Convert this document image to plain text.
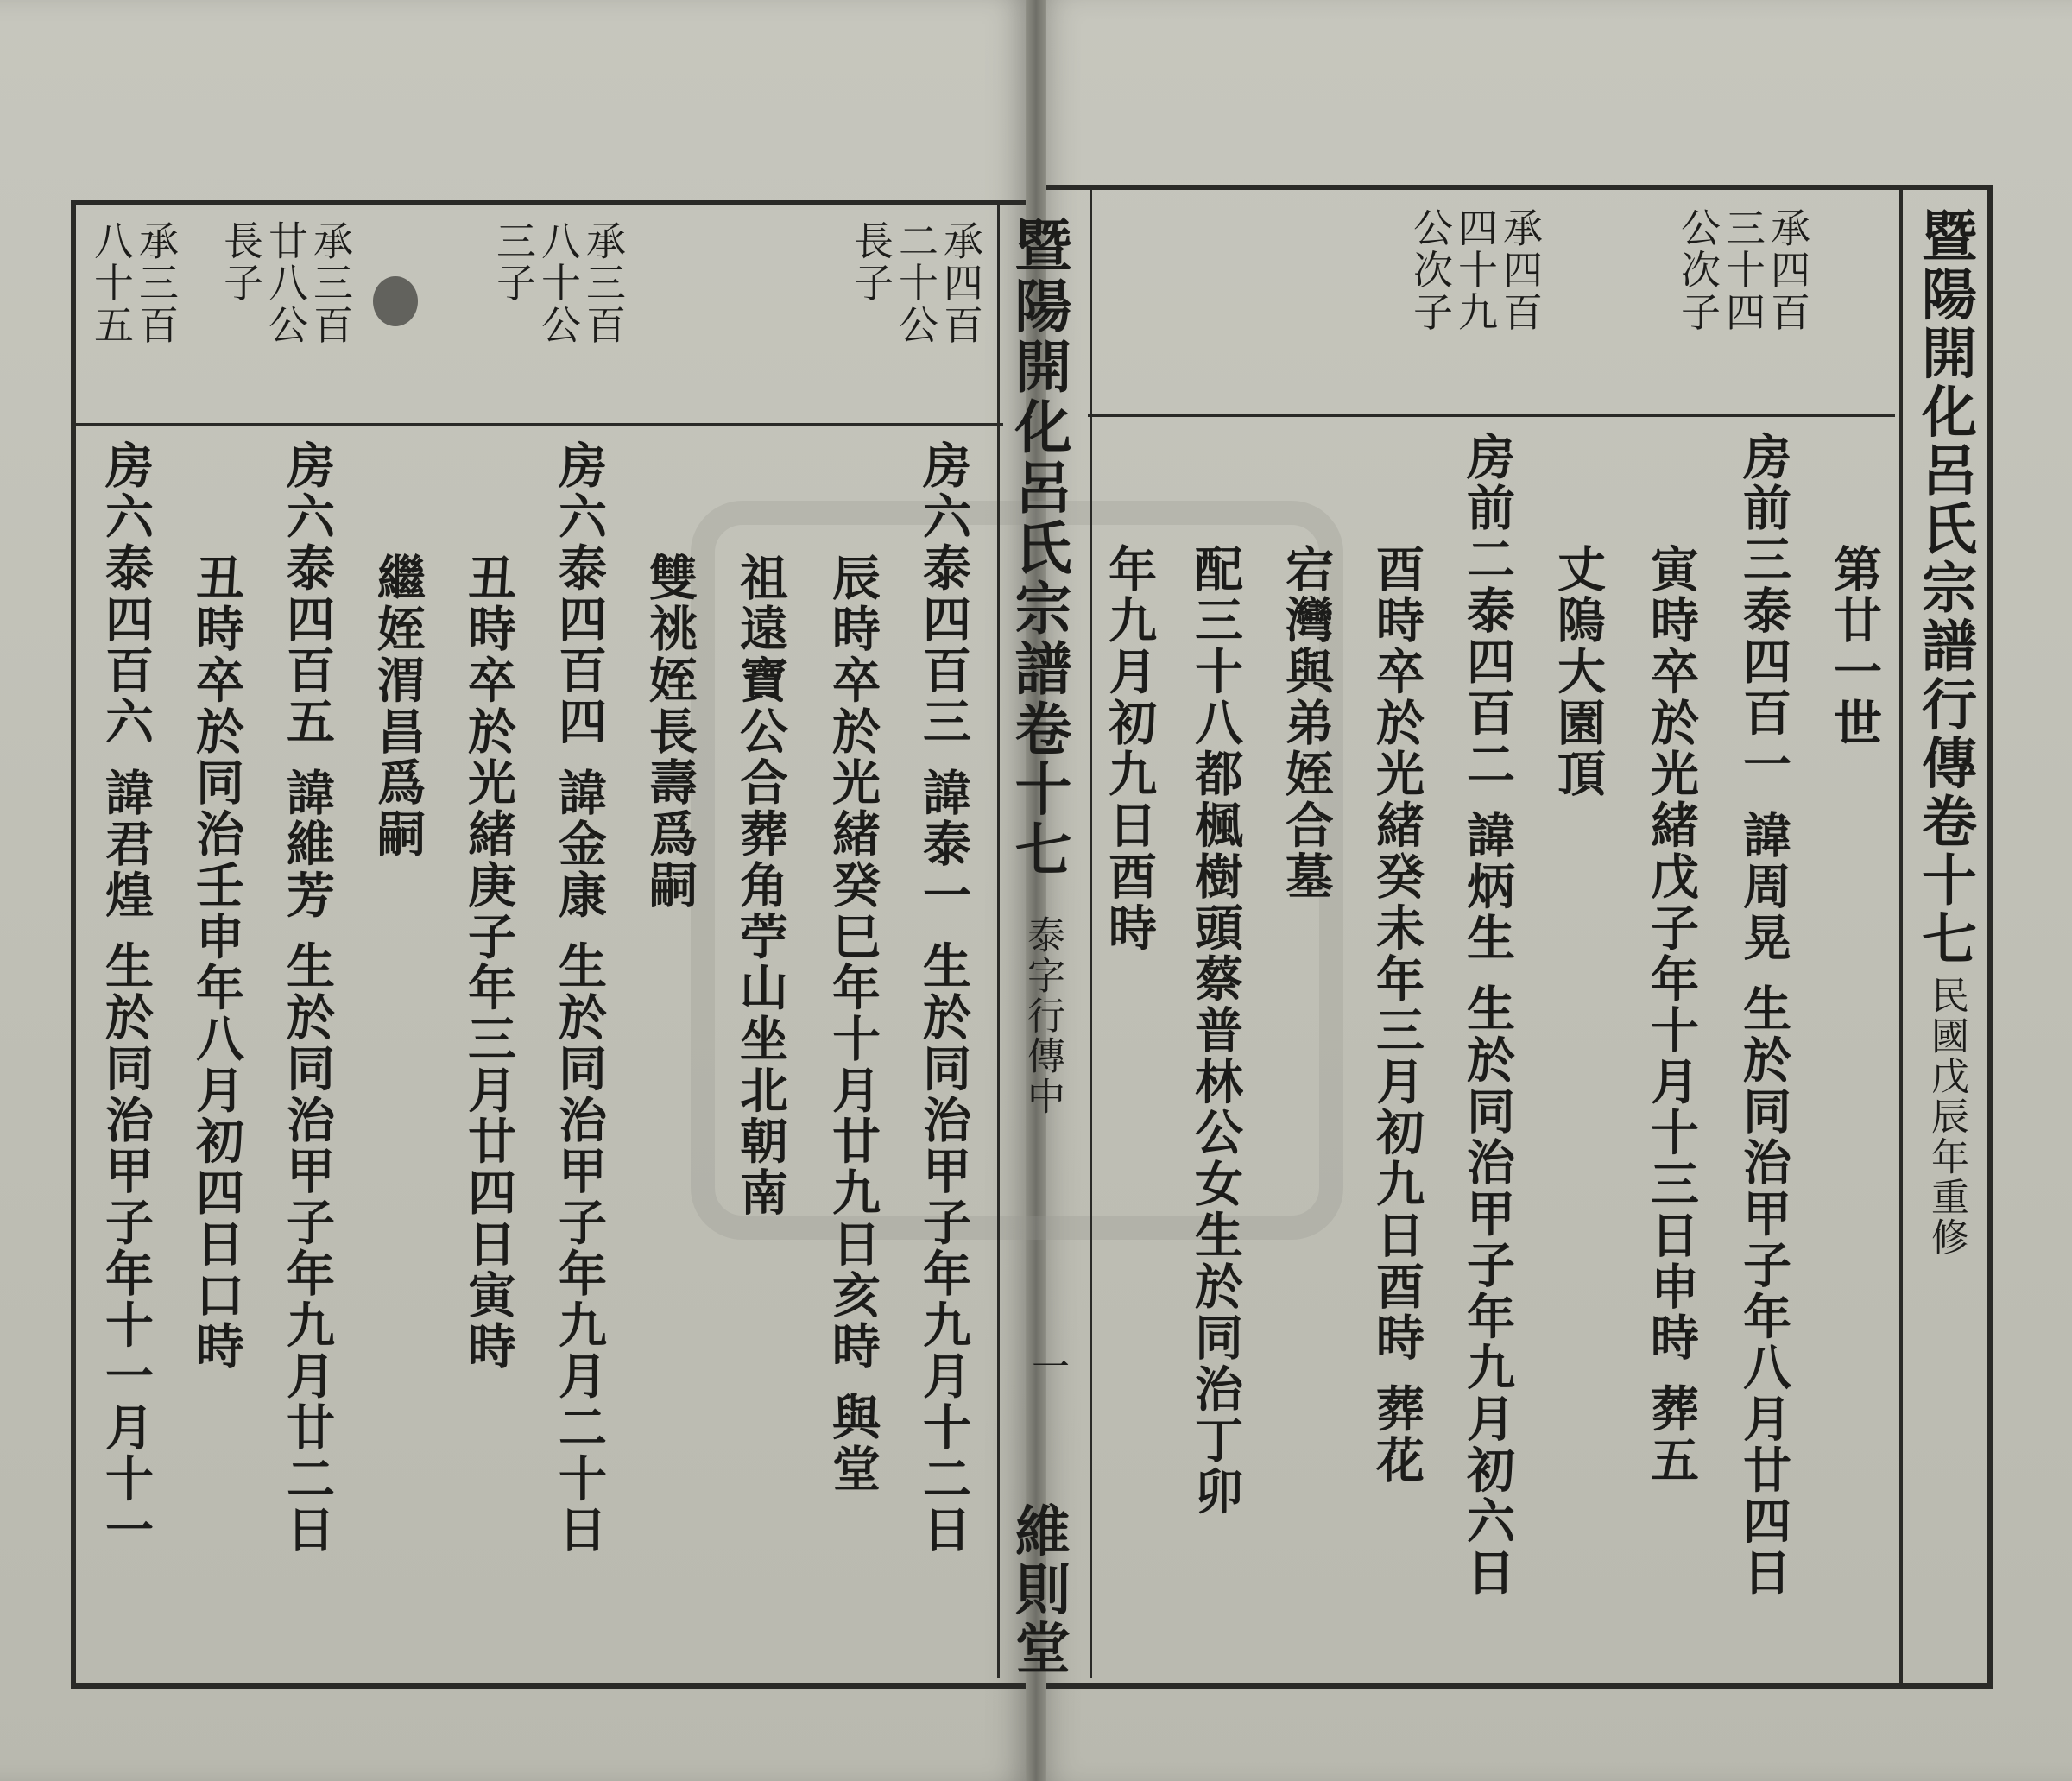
暨陽開化呂氏宗譜行傳卷十七
民國戊辰年重修
承四百
三十四
公次子
承四百
四十九
公次子
第廿一世
房前三泰四百一 諱周晃 生於同治甲子年八月廿四日
寅時卒於光緒戊子年十月十三日申時 葬五
丈隖大園頂
房前二泰四百二 諱炳生 生於同治甲子年九月初六日
酉時卒於光緒癸未年三月初九日酉時 葬花
宕灣與弟姪合墓
配三十八都楓樹頭蔡普林公女生於同治丁卯
年九月初九日酉時
暨陽開化呂氏宗譜卷十七
泰字行傳中
一
維則堂
承四百
二十公
長子
承三百
八十公
三子
承三百
廿八公
長子
承三百
八十五
房六泰四百三 諱泰一 生於同治甲子年九月十二日
辰時卒於光緒癸巳年十月廿九日亥時 與堂
祖遠寶公合葬角苧山坐北朝南
雙祧姪長壽爲嗣
房六泰四百四 諱金康 生於同治甲子年九月二十日
丑時卒於光緒庚子年三月廿四日寅時
繼姪渭昌爲嗣
房六泰四百五 諱維芳 生於同治甲子年九月廿二日
丑時卒於同治壬申年八月初四日口時
房六泰四百六 諱君煌 生於同治甲子年十一月十一
